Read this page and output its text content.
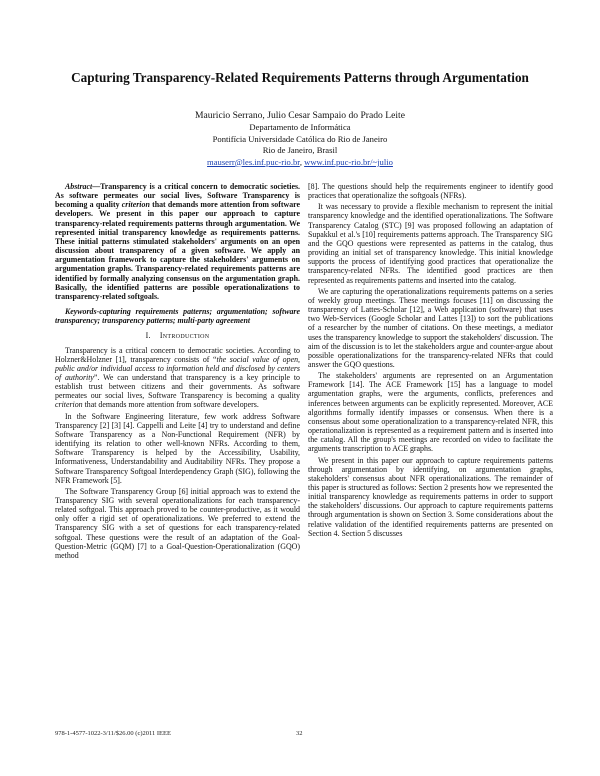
Capturing Transparency-Related Requirements Patterns through Argumentation
Mauricio Serrano, Julio Cesar Sampaio do Prado Leite
Departamento de Informática
Pontifícia Universidade Católica do Rio de Janeiro
Rio de Janeiro, Brasil
mauserr@les.inf.puc-rio.br, www.inf.puc-rio.br/~julio

Abstract—Transparency is a critical concern to democratic societies. As software permeates our social lives, Software Transparency is becoming a quality criterion that demands more attention from software developers. We present in this paper our approach to capture transparency-related requirements patterns through argumentation. We represented initial transparency knowledge as requirements patterns. These initial patterns stimulated stakeholders' arguments on an open discussion about transparency of a given software. We apply an argumentation framework to capture the stakeholders' arguments on argumentation graphs. Transparency-related requirements patterns are identified by formally analyzing consensus on the argumentation graph. Basically, the identified patterns are possible operationalizations to transparency-related softgoals.

Keywords-capturing requirements patterns; argumentation; software transparency; transparency patterns; multi-party agreement

I. Introduction

Transparency is a critical concern to democratic societies. According to Holzner&Holzner [1], transparency consists of “the social value of open, public and/or individual access to information held and disclosed by centers of authority”. We can understand that transparency is a key principle to establish trust between citizens and their governments. As software permeates our social lives, Software Transparency is becoming a quality criterion that demands more attention from software developers.

In the Software Engineering literature, few work address Software Transparency [2] [3] [4]. Cappelli and Leite [4] try to understand and define Software Transparency as a Non-Functional Requirement (NFR) by identifying its relation to other well-known NFRs. According to them, Software Transparency is helped by the Accessibility, Usability, Informativeness, Understandability and Auditability NFRs. They propose a Software Transparency Softgoal Interdependency Graph (SIG), following the NFR Framework [5].

The Software Transparency Group [6] initial approach was to extend the Transparency SIG with several operationalizations for each transparency-related softgoal. This approach proved to be counter-productive, as it would only offer a rigid set of operationalizations. We preferred to extend the Transparency SIG with a set of questions for each transparency-related softgoal. These questions were the result of an adaptation of the Goal-Question-Metric (GQM) [7] to a Goal-Question-Operationalization (GQO) method

[8]. The questions should help the requirements engineer to identify good practices that operationalize the softgoals (NFRs).

It was necessary to provide a flexible mechanism to represent the initial transparency knowledge and the identified operationalizations. The Software Transparency Catalog (STC) [9] was proposed following an adaptation of Supakkul et al.'s [10] requirements patterns approach. The Transparency SIG and the GQO questions were represented as patterns in the catalog, thus providing an initial set of transparency knowledge. This initial knowledge supports the process of identifying good practices that operationalize the transparency-related NFRs. The identified good practices are then represented as requirements patterns and inserted into the catalog.

We are capturing the operationalizations requirements patterns on a series of weekly group meetings. These meetings focuses [11] on discussing the transparency of Lattes-Scholar [12], a Web application (software) that uses two Web-Services (Google Scholar and Lattes [13]) to sort the publications of a researcher by the number of citations. On these meetings, a mediator uses the transparency knowledge to support the stakeholders' discussion. The aim of the discussion is to let the stakeholders argue and counter-argue about possible operationalizations for the transparency-related NFRs that could answer the GQO questions.

The stakeholders' arguments are represented on an Argumentation Framework [14]. The ACE Framework [15] has a language to model argumentation graphs, were the arguments, conflicts, preferences and inferences between arguments can be explicitly represented. Moreover, ACE algorithms formally identify impasses or consensus. When there is a consensus about some operationalization to a transparency-related NFR, this operationalization is represented as a requirement pattern and is inserted into the catalog. All the group's meetings are recorded on video to facilitate the arguments transcription to ACE graphs.

We present in this paper our approach to capture requirements patterns through argumentation by identifying, on argumentation graphs, stakeholders' consensus about NFR operationalizations. The remainder of this paper is structured as follows: Section 2 presents how we represented the initial transparency knowledge as requirements patterns in order to support the stakeholders' discussions. Our approach to capture requirements patterns through argumentation is shown on Section 3. Some considerations about the relative validation of the identified requirements patterns are presented on Section 4. Section 5 discusses

978-1-4577-1022-3/11/$26.00 (c)2011 IEEE	32
